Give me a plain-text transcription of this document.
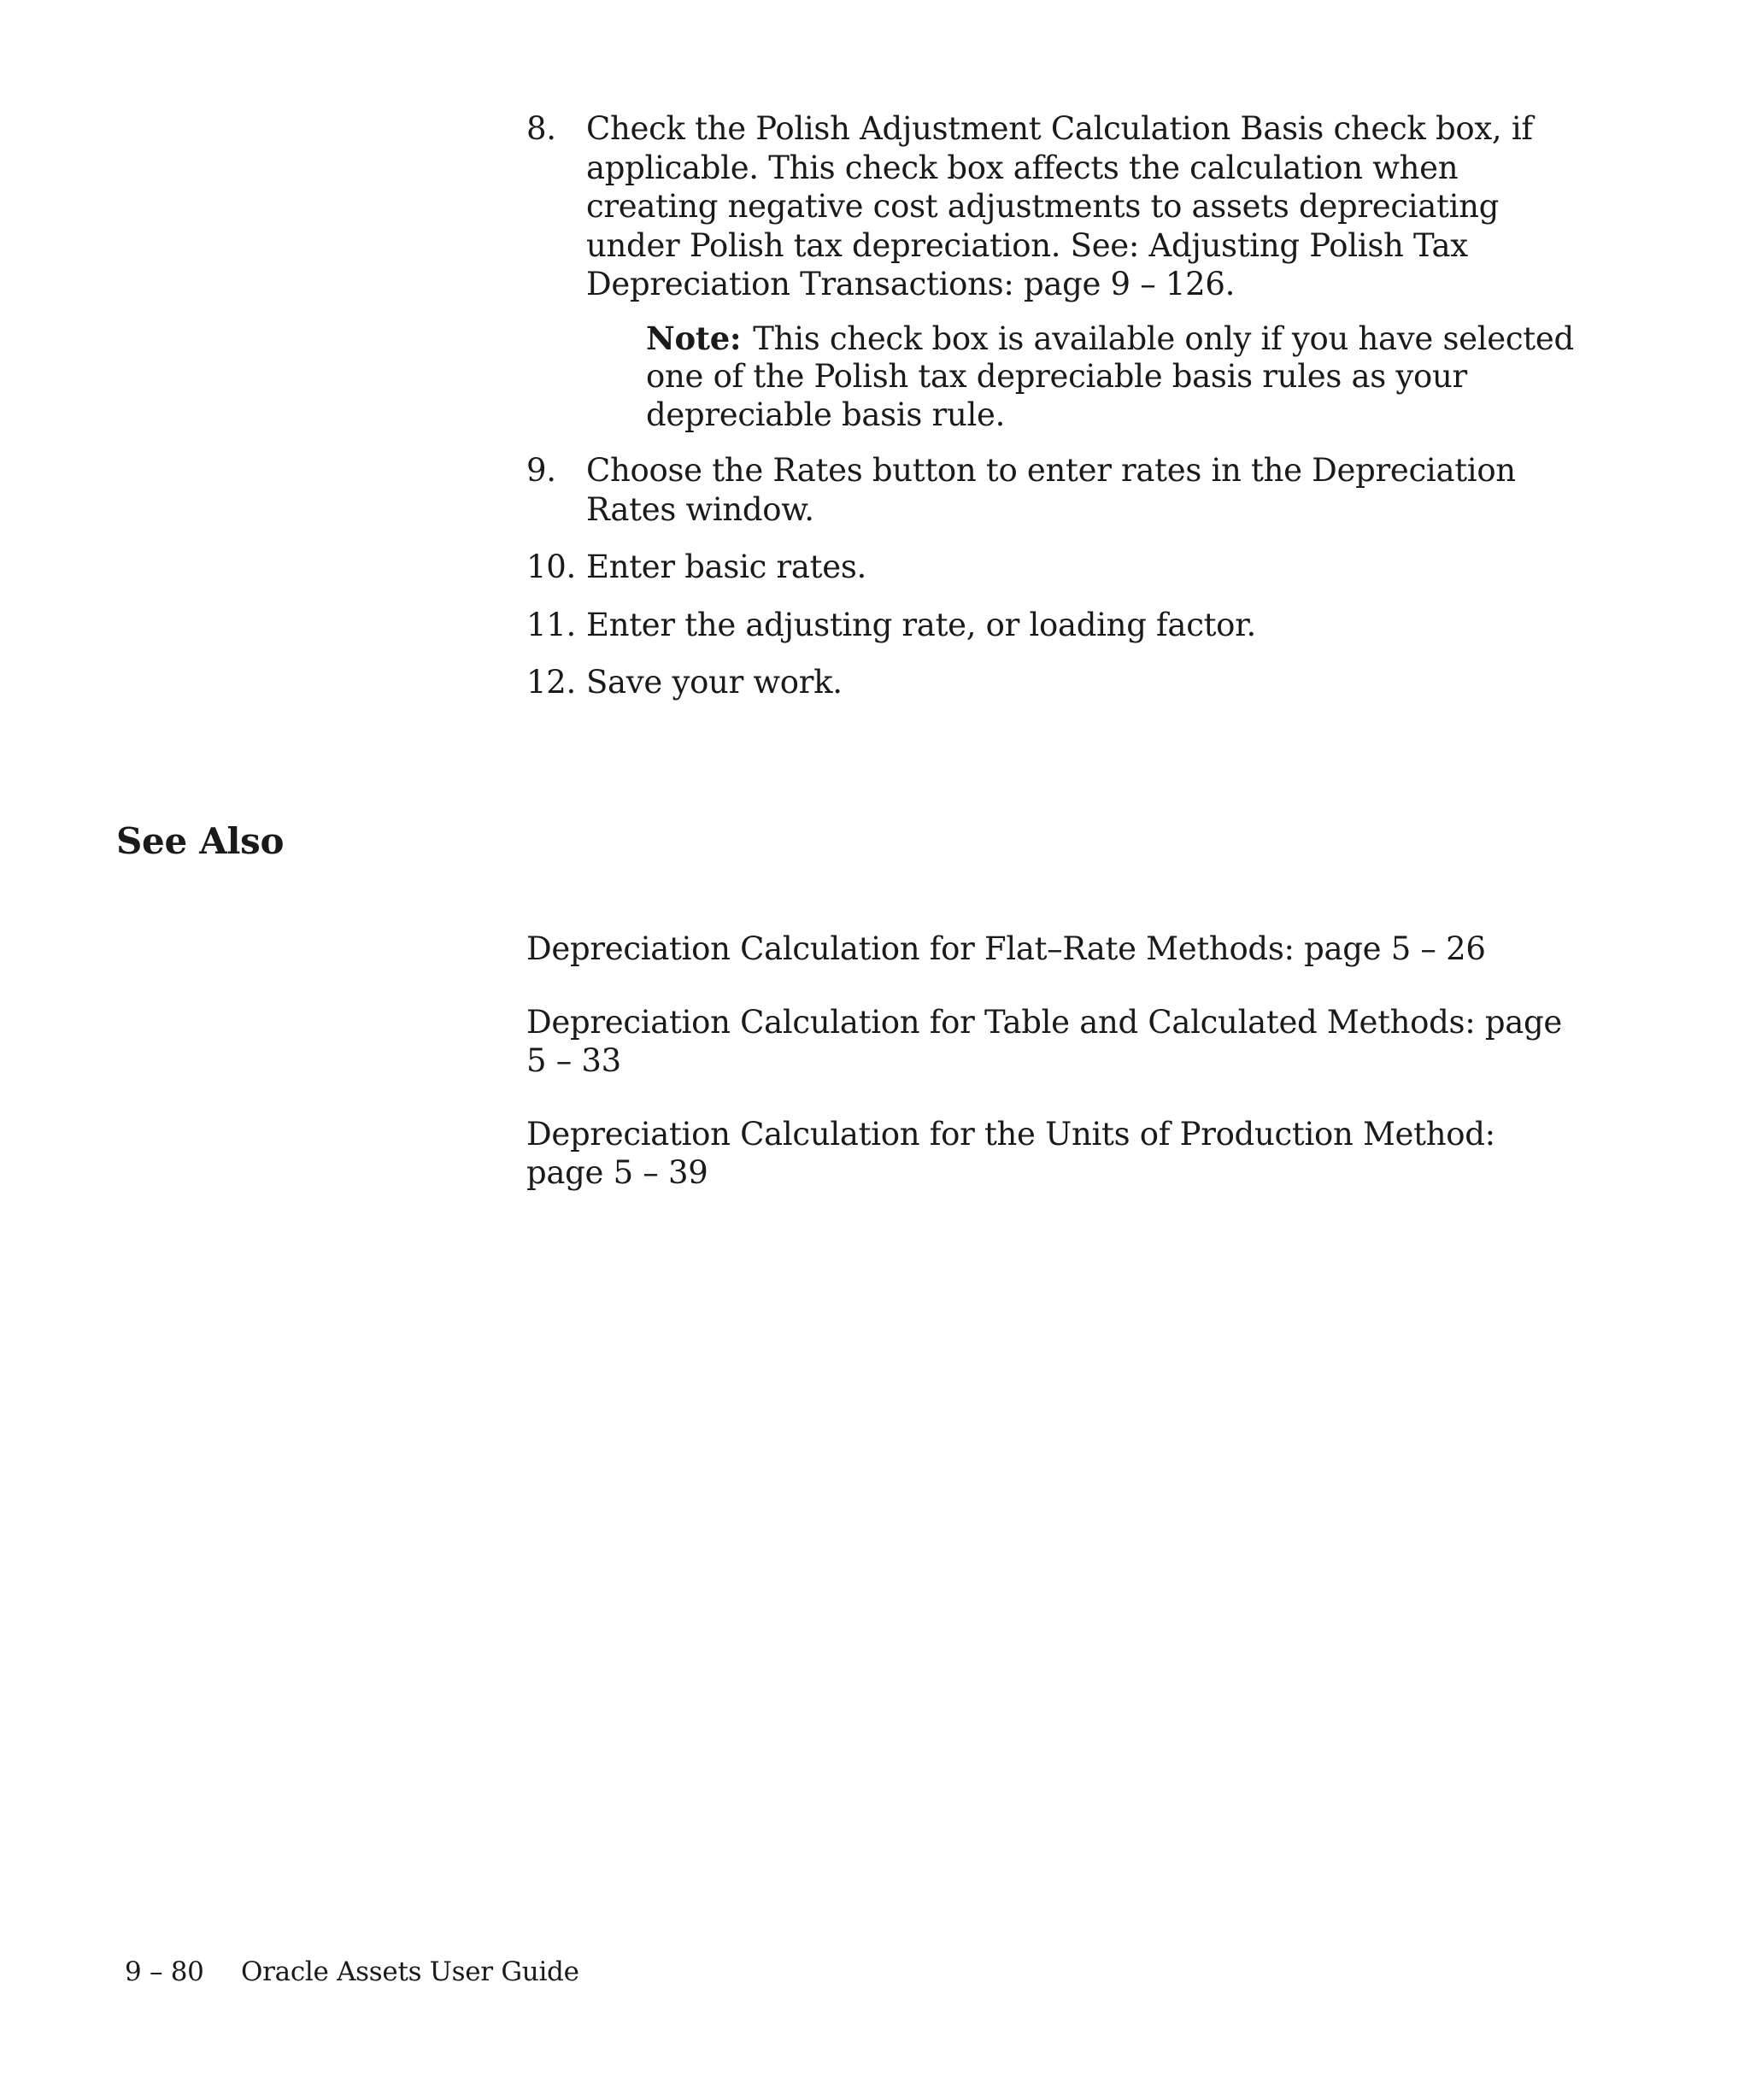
8. Check the Polish Adjustment Calculation Basis check box, if applicable. This check box affects the calculation when creating negative cost adjustments to assets depreciating under Polish tax depreciation. See: Adjusting Polish Tax Depreciation Transactions: page 9 – 126.
Note: This check box is available only if you have selected one of the Polish tax depreciable basis rules as your depreciable basis rule.
9. Choose the Rates button to enter rates in the Depreciation Rates window.
10. Enter basic rates.
11. Enter the adjusting rate, or loading factor.
12. Save your work.
See Also
Depreciation Calculation for Flat–Rate Methods: page 5 – 26
Depreciation Calculation for Table and Calculated Methods: page 5 – 33
Depreciation Calculation for the Units of Production Method: page 5 – 39
9 – 80 Oracle Assets User Guide
